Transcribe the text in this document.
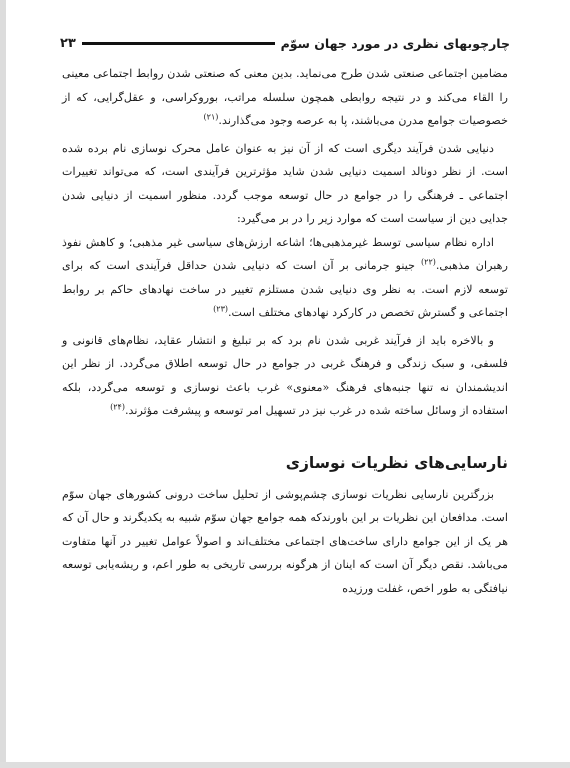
چارچوبهای نظری در مورد جهان سوّم
۲۳

مضامین اجتماعی صنعتی شدن طرح می‌نماید. بدین معنی که صنعتی شدن روابط اجتماعی معینی را القاء می‌کند و در نتیجه روابطی همچون سلسله مراتب، بوروکراسی، و عقل‌گرایی، که از خصوصیات جوامع مدرن می‌باشند، پا به عرصه وجود می‌گذارند.$^{(۲۱)}$

دنیایی شدن فرآیند دیگری است که از آن نیز به عنوان عامل محرک نوسازی نام برده شده است. از نظر دونالد اسمیت دنیایی شدن شاید مؤثرترین فرآیندی است، که می‌تواند تغییرات اجتماعی ـ فرهنگی را در جوامع در حال توسعه موجب گردد. منظور اسمیت از دنیایی شدن جدایی دین از سیاست است که موارد زیر را در بر می‌گیرد:

اداره نظام سیاسی توسط غیرمذهبی‌ها؛ اشاعه ارزش‌های سیاسی غیر مذهبی؛ و کاهش نفوذ رهبران مذهبی.$^{(۲۲)}$ جینو جرمانی بر آن است که دنیایی شدن حداقل فرآیندی است که برای توسعه لازم است. به نظر وی دنیایی شدن مستلزم تغییر در ساخت نهادهای حاکم بر روابط اجتماعی و گسترش تخصص در کارکرد نهادهای مختلف است.$^{(۲۳)}$

و بالاخره باید از فرآیند غربی شدن نام برد که بر تبلیغ و انتشار عقاید، نظام‌های قانونی و فلسفی، و سبک زندگی و فرهنگ غربی در جوامع در حال توسعه اطلاق می‌گردد. از نظر این اندیشمندان نه تنها جنبه‌های فرهنگ «معنوی» غرب باعث نوسازی و توسعه می‌گردد، بلکه استفاده از وسائل ساخته شده در غرب نیز در تسهیل امر توسعه و پیشرفت مؤثرند.$^{(۲۴)}$

نارسایی‌های نظریات نوسازی

بزرگترین نارسایی نظریات نوسازی چشم‌پوشی از تحلیل ساخت درونی کشورهای جهان سوّم است. مدافعان این نظریات بر این باورندکه همه جوامع جهان سوّم شبیه به یکدیگرند و حال آن که هر یک از این جوامع دارای ساخت‌های اجتماعی مختلف‌اند و اصولاً عوامل تغییر در آنها متفاوت می‌باشد. نقص دیگر آن است که اینان از هرگونه بررسی تاریخی به طور اعم، و ریشه‌یابی توسعه نیافتگی به طور اخص، غفلت ورزیده
